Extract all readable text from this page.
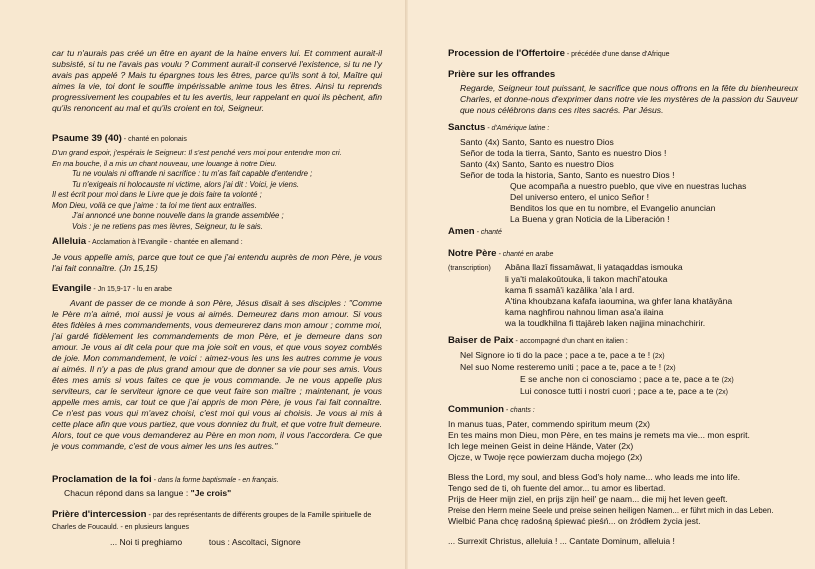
car tu n'aurais pas créé un être en ayant de la haine envers lui. Et comment aurait-il subsisté, si tu ne l'avais pas voulu ? Comment aurait-il conservé l'existence, si tu ne l'y avais pas appelé ? Mais tu épargnes tous les êtres, parce qu'ils sont à toi, Maître qui aimes la vie, toi dont le souffle impérissable anime tous les êtres. Ainsi tu reprends progressivement les coupables et tu les avertis, leur rappelant en quoi ils pèchent, afin qu'ils renoncent au mal et qu'ils croient en toi, Seigneur.

Psaume 39 (40) - chanté en polonais

D'un grand espoir, j'espérais le Seigneur: Il s'est penché vers moi pour entendre mon cri.

En ma bouche, il a mis un chant nouveau, une louange à notre Dieu.

Tu ne voulais ni offrande ni sacrifice : tu m'as fait capable d'entendre ;

Tu n'exigeais ni holocauste ni victime, alors j'ai dit : Voici, je viens.

Il est écrit pour moi dans le Livre que je dois faire ta volonté ;

Mon Dieu, voilà ce que j'aime : ta loi me tient aux entrailles.

J'ai annoncé une bonne nouvelle dans la grande assemblée ;

Vois : je ne retiens pas mes lèvres, Seigneur, tu le sais.

Alleluia - Acclamation à l'Evangile - chantée en allemand :

Je vous appelle amis, parce que tout ce que j'ai entendu auprès de mon Père, je vous l'ai fait connaître. (Jn 15,15)

Evangile - Jn 15,9-17 - lu en arabe

Avant de passer de ce monde à son Père, Jésus disait à ses disciples : "Comme le Père m'a aimé, moi aussi je vous ai aimés. Demeurez dans mon amour. Si vous êtes fidèles à mes commandements, vous demeurerez dans mon amour ; comme moi, j'ai gardé fidèlement les commandements de mon Père, et je demeure dans son amour. Je vous ai dit cela pour que ma joie soit en vous, et que vous soyez comblés de joie. Mon commandement, le voici : aimez-vous les uns les autres comme je vous ai aimés. Il n'y a pas de plus grand amour que de donner sa vie pour ses amis. Vous êtes mes amis si vous faites ce que je vous commande. Je ne vous appelle plus serviteurs, car le serviteur ignore ce que veut faire son maître ; maintenant, je vous appelle mes amis, car tout ce que j'ai appris de mon Père, je vous l'ai fait connaître. Ce n'est pas vous qui m'avez choisi, c'est moi qui vous ai choisis. Je vous ai mis à cette place afin que vous partiez, que vous donniez du fruit, et que votre fruit demeure. Alors, tout ce que vous demanderez au Père en mon nom, il vous l'accordera. Ce que je vous commande, c'est de vous aimer les uns les autres."

Proclamation de la foi - dans la forme baptismale - en français.

Chacun répond dans sa langue : "Je crois"

Prière d'intercession - par des représentants de différents groupes de la Famille spirituelle de Charles de Foucauld. - en plusieurs langues

... Noi ti preghiamo	tous : Ascoltaci, Signore

Procession de l'Offertoire - précédée d'une danse d'Afrique

Prière sur les offrandes

Regarde, Seigneur tout puissant, le sacrifice que nous offrons en la fête du bienheureux Charles, et donne-nous d'exprimer dans notre vie les mystères de la passion du Sauveur que nous célébrons dans ces rites sacrés. Par Jésus.

Sanctus - d'Amérique latine :

Santo (4x) Santo, Santo es nuestro Dios

Señor de toda la tierra, Santo, Santo es nuestro Dios !

Santo (4x) Santo, Santo es nuestro Dios

Señor de toda la historia, Santo, Santo es nuestro Dios !

Que acompaña a nuestro pueblo, que vive en nuestras luchas

Del universo entero, el unico Señor !

Benditos los que en tu nombre, el Evangelio anuncian

La Buena y gran Noticia de la Liberación !

Amen - chanté

Notre Père - chanté en arabe

(transcription) Abāna llazī fissamāwat, li yataqaddas ismouka

li ya'ti malakoûtouka, li takon machî'atouka

kama fi ssamā'i kazālika 'ala l ard.

A'tina khoubzana kafafa iaoumina, wa ghfer lana khatāyāna

kama naghfirou nahnou liman asa'a ilaina

wa la toudkhilna fi ttajāreb laken najjina minachchirir.

Baiser de Paix - accompagné d'un chant en italien :

Nel Signore io ti do la pace ; pace a te, pace a te ! (2x)

Nel suo Nome resteremo uniti ; pace a te, pace a te ! (2x)

E se anche non ci conosciamo ; pace a te, pace a te (2x)

Lui conosce tutti i nostri cuori ; pace a te, pace a te (2x)

Communion - chants :

In manus tuas, Pater, commendo spiritum meum (2x)

En tes mains mon Dieu, mon Père, en tes mains je remets ma vie... mon esprit.

Ich lege meinen Geist in deine Hände, Vater (2x)

Ojcze, w Twoje ręce powierzam ducha mojego (2x)

Bless the Lord, my soul, and bless God's holy name... who leads me into life.

Tengo sed de ti, oh fuente del amor... tu amor es libertad.

Prijs de Heer mijn ziel, en prijs zijn heil' ge naam... die mij het leven geeft.

Preise den Herrn meine Seele und preise seinen heiligen Namen... er führt mich in das Leben.

Wielbić Pana chcę radośną śpiewać pieśń... on źródłem życia jest.

... Surrexit Christus, alleluia ! ... Cantate Dominum, alleluia !
